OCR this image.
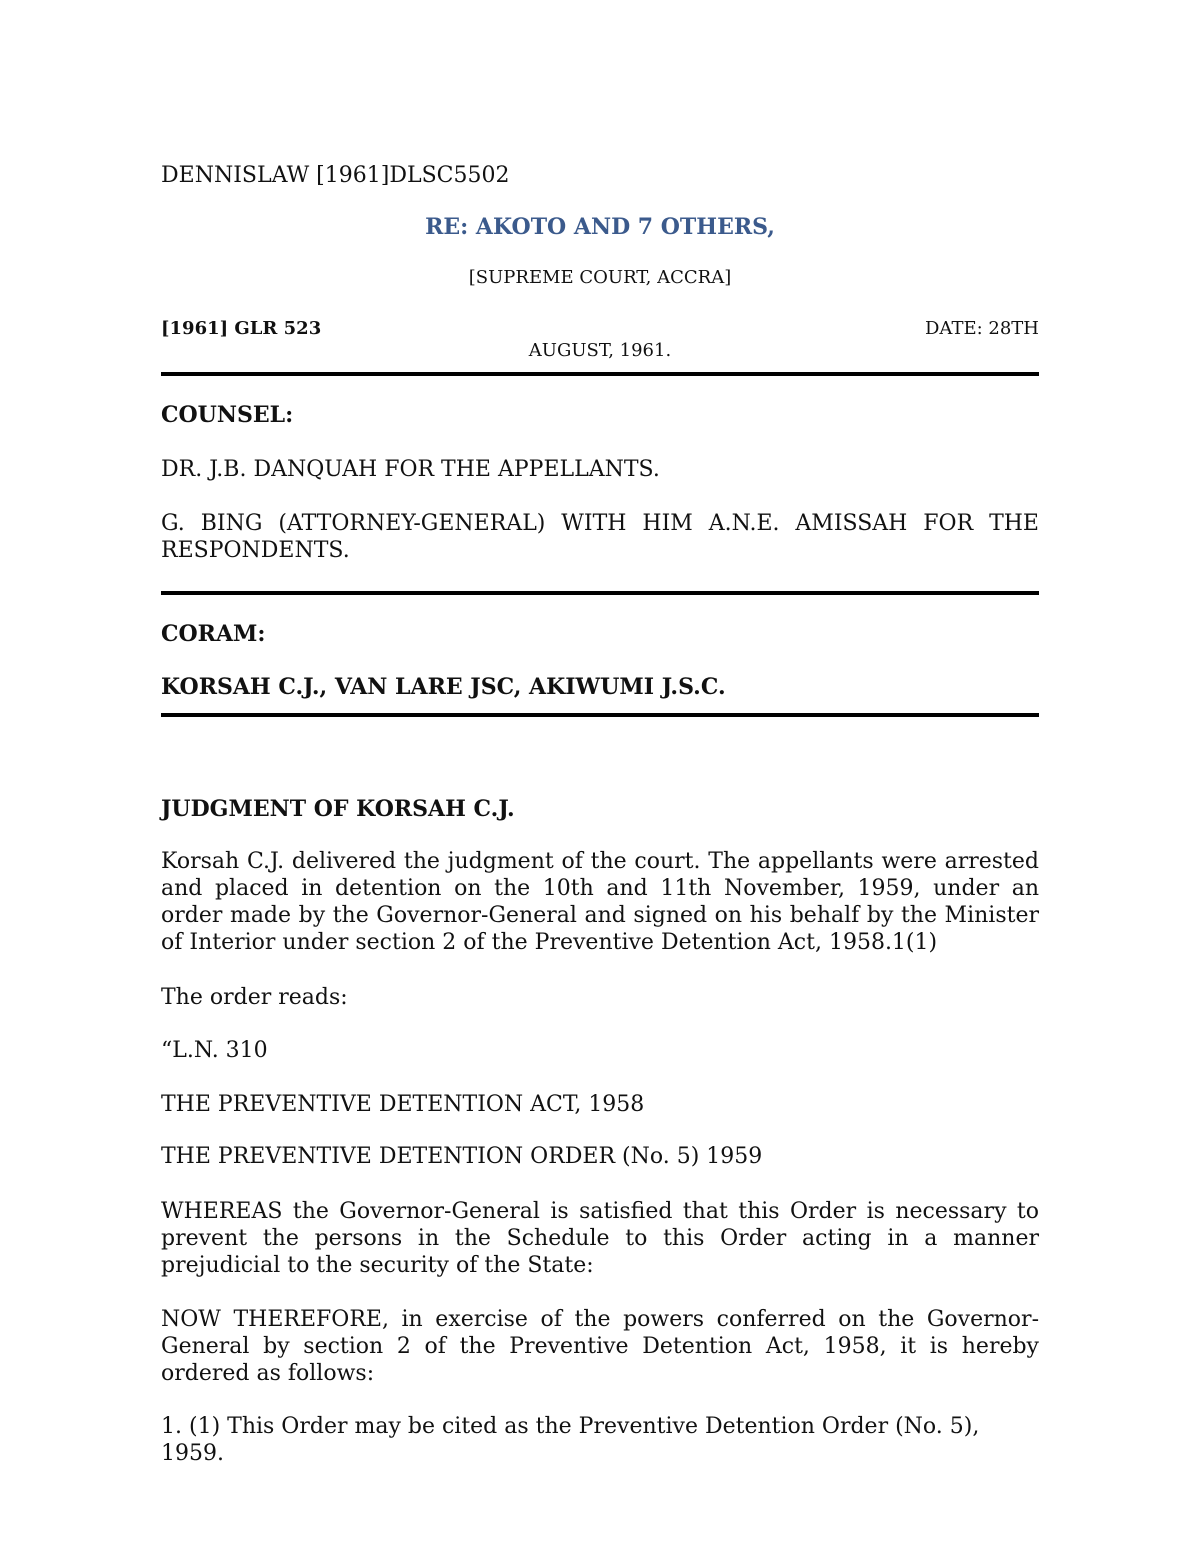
DENNISLAW [1961]DLSC5502
RE: AKOTO AND 7 OTHERS,
[SUPREME COURT, ACCRA]
[1961] GLR 523	DATE: 28TH
AUGUST, 1961.
COUNSEL:
DR. J.B. DANQUAH FOR THE APPELLANTS.
G. BING (ATTORNEY-GENERAL) WITH HIM A.N.E. AMISSAH FOR THE RESPONDENTS.
CORAM:
KORSAH C.J., VAN LARE JSC, AKIWUMI J.S.C.
JUDGMENT OF KORSAH C.J.
Korsah C.J. delivered the judgment of the court. The appellants were arrested and placed in detention on the 10th and 11th November, 1959, under an order made by the Governor-General and signed on his behalf by the Minister of Interior under section 2 of the Preventive Detention Act, 1958.1(1)
The order reads:
“L.N. 310
THE PREVENTIVE DETENTION ACT, 1958
THE PREVENTIVE DETENTION ORDER (No. 5) 1959
WHEREAS the Governor-General is satisfied that this Order is necessary to prevent the persons in the Schedule to this Order acting in a manner prejudicial to the security of the State:
NOW THEREFORE, in exercise of the powers conferred on the Governor-General by section 2 of the Preventive Detention Act, 1958, it is hereby ordered as follows:
1. (1) This Order may be cited as the Preventive Detention Order (No. 5), 1959.
